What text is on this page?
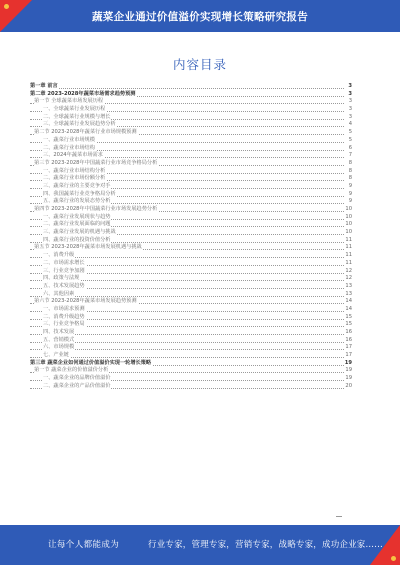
蔬菜企业通过价值溢价实现增长策略研究报告
内容目录
第一章 前言	3
第二章 2023-2028年蔬菜市场需求趋势预测	3
第一节 全球蔬菜市场发展历程	3
一、全球蔬菜行业发展历程	3
二、全球蔬菜行业规模与增长	3
三、全球蔬菜行业发展趋势分析	4
第二节 2023-2028年蔬菜行业市场规模预测	5
一、蔬菜行业市场规模	5
二、蔬菜行业市场结构	6
三、2024年蔬菜市场需求	7
第三节 2023-2028年中国蔬菜行业市场竞争格局分析	8
一、蔬菜行业市场结构分析	8
二、蔬菜行业市场份额分析	8
三、蔬菜行业的主要竞争对手	9
四、我国蔬菜行业竞争格局分析	9
五、蔬菜行业的发展态势分析	9
第四节 2023-2028年中国蔬菜行业市场发展趋势分析	10
一、蔬菜行业发展现状与趋势	10
二、蔬菜行业发展面临的问题	10
三、蔬菜行业发展的机遇与挑战	10
四、蔬菜行业的投资价值分析	11
第五节 2023-2028年蔬菜市场发展机遇与挑战	11
一、消费升级	11
二、市场需求增长	11
三、行业竞争加剧	12
四、政策与法规	12
五、技术发展趋势	13
六、其他因素	13
第六节 2023-2028年蔬菜市场发展趋势预测	14
一、市场需求预测	14
二、消费升级趋势	15
三、行业竞争格局	15
四、技术发展	16
五、营销模式	16
六、市场规模	17
七、产业链	17
第三章 蔬菜企业如何通过价值溢价实现一轮增长策略	19
第一节 蔬菜企业的价值溢价分析	19
一、蔬菜企业的品牌价值溢价	19
二、蔬菜企业的产品价值溢价	20
让每个人都能成为	行业专家，管理专家，营销专家，战略专家，成功企业家......
